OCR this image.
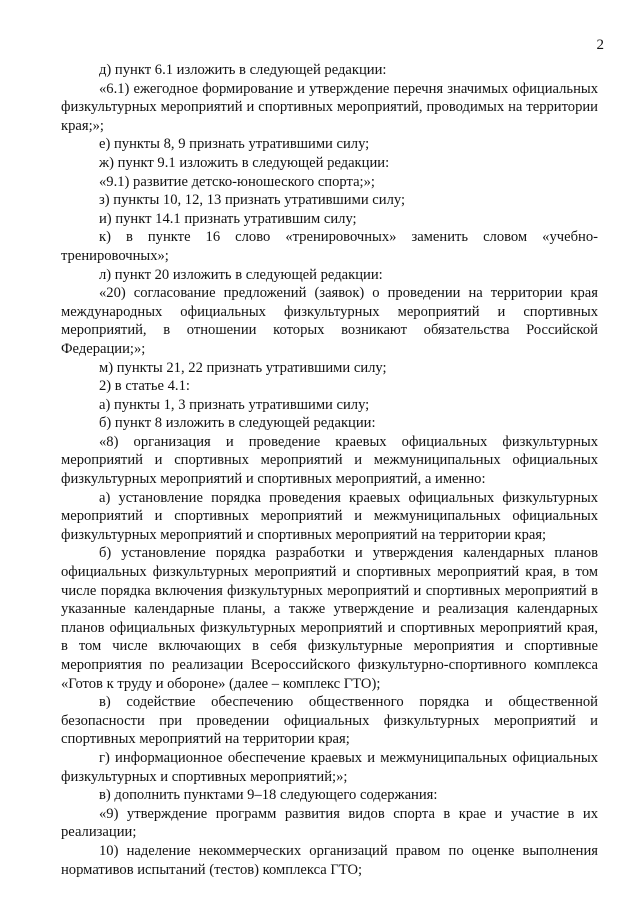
2

д) пункт 6.1 изложить в следующей редакции:

«6.1) ежегодное формирование и утверждение перечня значимых официальных физкультурных мероприятий и спортивных мероприятий, проводимых на территории края;»;

е) пункты 8, 9 признать утратившими силу;

ж) пункт 9.1 изложить в следующей редакции:

«9.1) развитие детско-юношеского спорта;»;

з) пункты 10, 12, 13 признать утратившими силу;

и) пункт 14.1 признать утратившим силу;

к) в пункте 16 слово «тренировочных» заменить словом «учебно-тренировочных»;

л) пункт 20 изложить в следующей редакции:

«20) согласование предложений (заявок) о проведении на территории края международных официальных физкультурных мероприятий и спортивных мероприятий, в отношении которых возникают обязательства Российской Федерации;»;

м) пункты 21, 22 признать утратившими силу;

2) в статье 4.1:

а) пункты 1, 3 признать утратившими силу;

б) пункт 8 изложить в следующей редакции:

«8) организация и проведение краевых официальных физкультурных мероприятий и спортивных мероприятий и межмуниципальных официальных физкультурных мероприятий и спортивных мероприятий, а именно:

а) установление порядка проведения краевых официальных физкультурных мероприятий и спортивных мероприятий и межмуниципальных официальных физкультурных мероприятий и спортивных мероприятий на территории края;

б) установление порядка разработки и утверждения календарных планов официальных физкультурных мероприятий и спортивных мероприятий края, в том числе порядка включения физкультурных мероприятий и спортивных мероприятий в указанные календарные планы, а также утверждение и реализация календарных планов официальных физкультурных мероприятий и спортивных мероприятий края, в том числе включающих в себя физкультурные мероприятия и спортивные мероприятия по реализации Всероссийского физкультурно-спортивного комплекса «Готов к труду и обороне» (далее – комплекс ГТО);

в) содействие обеспечению общественного порядка и общественной безопасности при проведении официальных физкультурных мероприятий и спортивных мероприятий на территории края;

г) информационное обеспечение краевых и межмуниципальных официальных физкультурных и спортивных мероприятий;»;

в) дополнить пунктами 9–18 следующего содержания:

«9) утверждение программ развития видов спорта в крае и участие в их реализации;

10) наделение некоммерческих организаций правом по оценке выполнения нормативов испытаний (тестов) комплекса ГТО;
